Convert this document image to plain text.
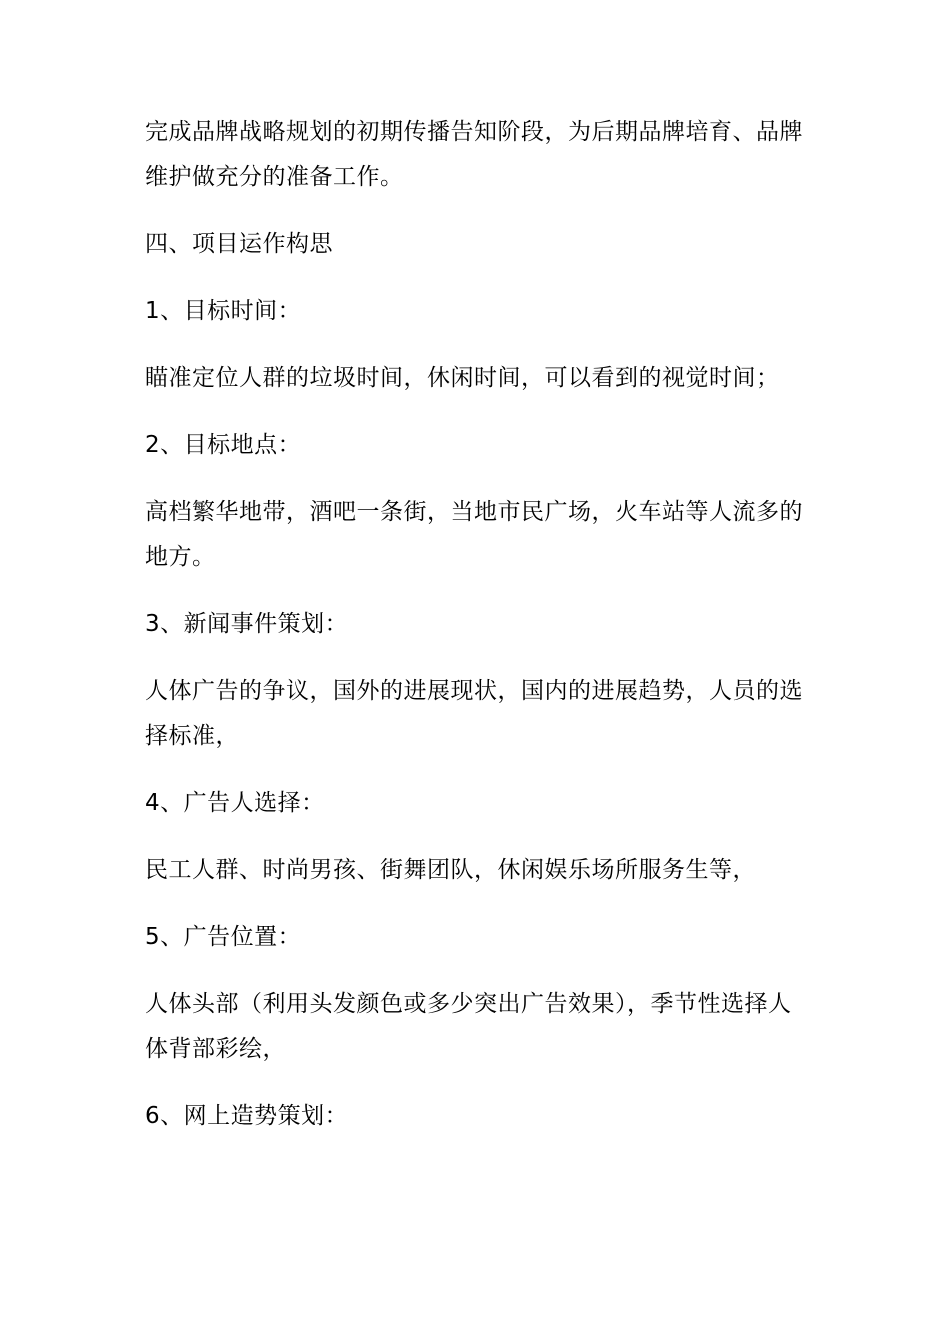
完成品牌战略规划的初期传播告知阶段，为后期品牌培育、品牌维护做充分的准备工作。

四、项目运作构思

1、目标时间：

瞄准定位人群的垃圾时间，休闲时间，可以看到的视觉时间；

2、目标地点：

高档繁华地带，酒吧一条街，当地市民广场，火车站等人流多的地方。

3、新闻事件策划：

人体广告的争议，国外的进展现状，国内的进展趋势，人员的选择标准，

4、广告人选择：

民工人群、时尚男孩、街舞团队，休闲娱乐场所服务生等，

5、广告位置：

人体头部（利用头发颜色或多少突出广告效果），季节性选择人体背部彩绘，

6、网上造势策划：
